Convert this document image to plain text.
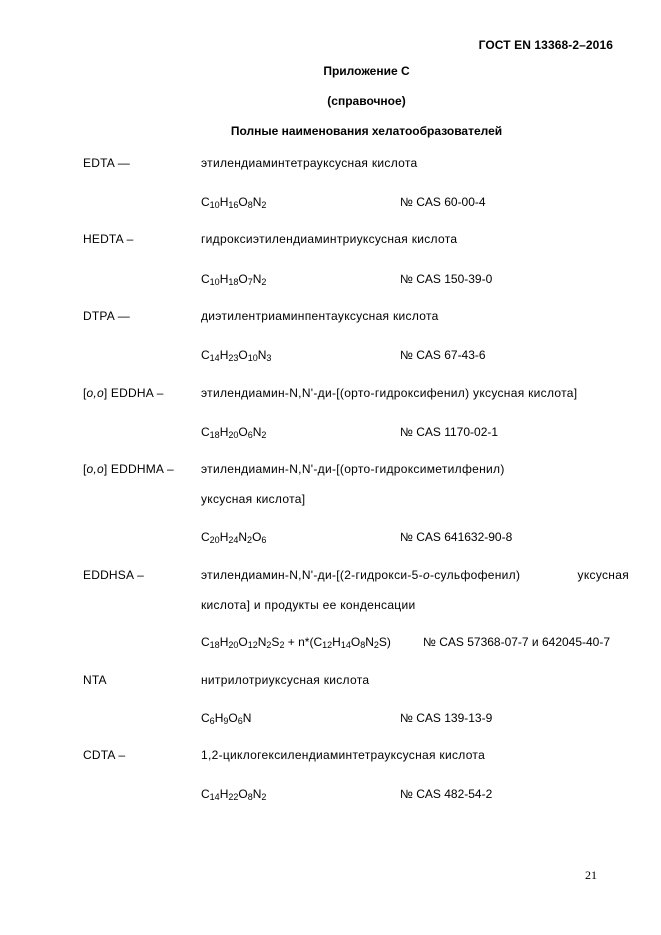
ГОСТ EN 13368-2–2016
Приложение С
(справочное)
Полные наименования хелатообразователей
EDTA —	этилендиаминтетрауксусная кислота
$C_{10}H_{16}O_8N_2$	№ CAS 60-00-4
HEDTA –	гидроксиэтилендиаминтриуксусная кислота
$C_{10}H_{18}O_7N_2$	№ CAS 150-39-0
DTPA —	диэтилентриаминпентауксусная кислота
$C_{14}H_{23}O_{10}N_3$	№ CAS 67-43-6
[o,o] EDDHA –	этилендиамин-N,N'-ди-[(орто-гидроксифенил) уксусная кислота]
$C_{18}H_{20}O_6N_2$	№ CAS 1170-02-1
[o,o] EDDHMA – этилендиамин-N,N'-ди-[(орто-гидроксиметилфенил)
уксусная кислота]
$C_{20}H_{24}N_2O_6$	№ CAS 641632-90-8
EDDHSA –	этилендиамин-N,N'-ди-[(2-гидрокси-5-о-сульфофенил)	уксусная
кислота] и продукты ее конденсации
$C_{18}H_{20}O_{12}N_2S_2 + n*(C_{12}H_{14}O_8N_2S)$	№ CAS 57368-07-7 и 642045-40-7
NTA	нитрилотриуксусная кислота
$C_6H_9O_6N$	№ CAS 139-13-9
CDTA –	1,2-циклогексилендиаминтетрауксусная кислота
$C_{14}H_{22}O_8N_2$	№ CAS 482-54-2
21
